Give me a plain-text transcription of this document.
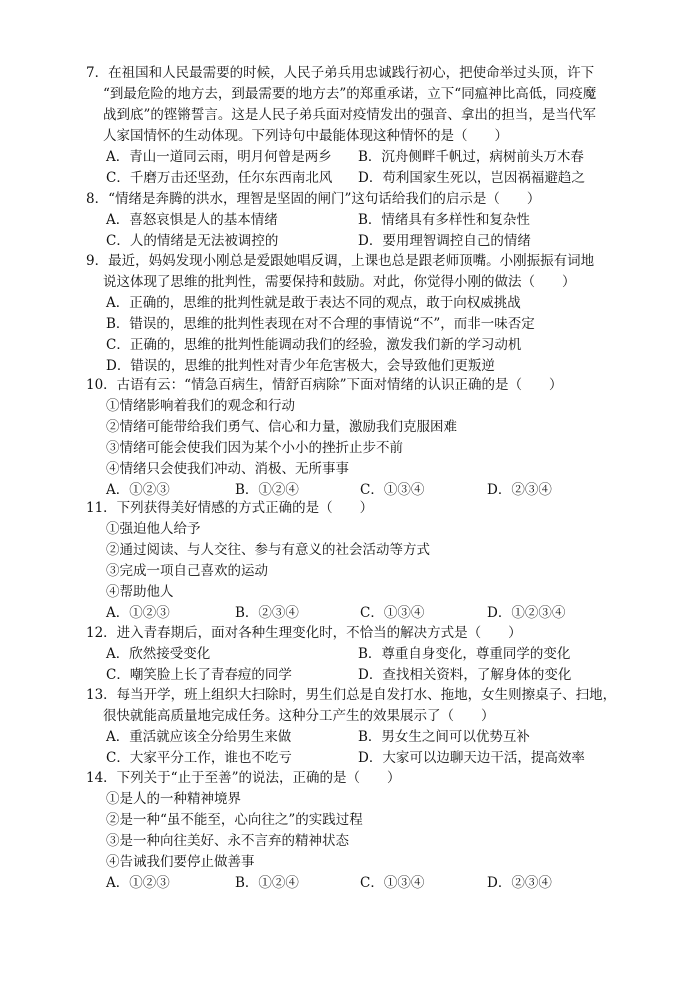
7．在祖国和人民最需要的时候，人民子弟兵用忠诚践行初心，把使命举过头顶，许下
“到最危险的地方去，到最需要的地方去”的郑重承诺，立下“同瘟神比高低，同疫魔
战到底”的铿锵誓言。这是人民子弟兵面对疫情发出的强音、拿出的担当，是当代军
人家国情怀的生动体现。下列诗句中最能体现这种情怀的是（　　）
A．青山一道同云雨，明月何曾是两乡 B．沉舟侧畔千帆过，病树前头万木春
C．千磨万击还坚劲，任尔东西南北风 D．苟利国家生死以，岂因祸福避趋之
8．“情绪是奔腾的洪水，理智是坚固的闸门”这句话给我们的启示是（　　）
A．喜怒哀惧是人的基本情绪	B．情绪具有多样性和复杂性
C．人的情绪是无法被调控的	D．要用理智调控自己的情绪
9．最近，妈妈发现小刚总是爱跟她唱反调，上课也总是跟老师顶嘴。小刚振振有词地
说这体现了思维的批判性，需要保持和鼓励。对此，你觉得小刚的做法（　　）
A．正确的，思维的批判性就是敢于表达不同的观点，敢于向权威挑战
B．错误的，思维的批判性表现在对不合理的事情说“不”，而非一味否定
C．正确的，思维的批判性能调动我们的经验，激发我们新的学习动机
D．错误的，思维的批判性对青少年危害极大，会导致他们更叛逆
10．古语有云：“情急百病生，情舒百病除”下面对情绪的认识正确的是（　　）
①情绪影响着我们的观念和行动
②情绪可能带给我们勇气、信心和力量，激励我们克服困难
③情绪可能会使我们因为某个小小的挫折止步不前
④情绪只会使我们冲动、消极、无所事事
A．①②③	B．①②④	C．①③④	D．②③④
11．下列获得美好情感的方式正确的是（　　）
①强迫他人给予
②通过阅读、与人交往、参与有意义的社会活动等方式
③完成一项自己喜欢的运动
④帮助他人
A．①②③	B．②③④	C．①③④	D．①②③④
12．进入青春期后，面对各种生理变化时，不恰当的解决方式是（　　）
A．欣然接受变化	B．尊重自身变化，尊重同学的变化
C．嘲笑脸上长了青春痘的同学	D．查找相关资料，了解身体的变化
13．每当开学，班上组织大扫除时，男生们总是自发打水、拖地，女生则擦桌子、扫地，
很快就能高质量地完成任务。这种分工产生的效果展示了（　　）
A．重活就应该全分给男生来做	B．男女生之间可以优势互补
C．大家平分工作，谁也不吃亏	D．大家可以边聊天边干活，提高效率
14．下列关于“止于至善”的说法，正确的是（　　）
①是人的一种精神境界
②是一种“虽不能至，心向往之”的实践过程
③是一种向往美好、永不言弃的精神状态
④告诫我们要停止做善事
A．①②③	B．①②④	C．①③④	D．②③④
